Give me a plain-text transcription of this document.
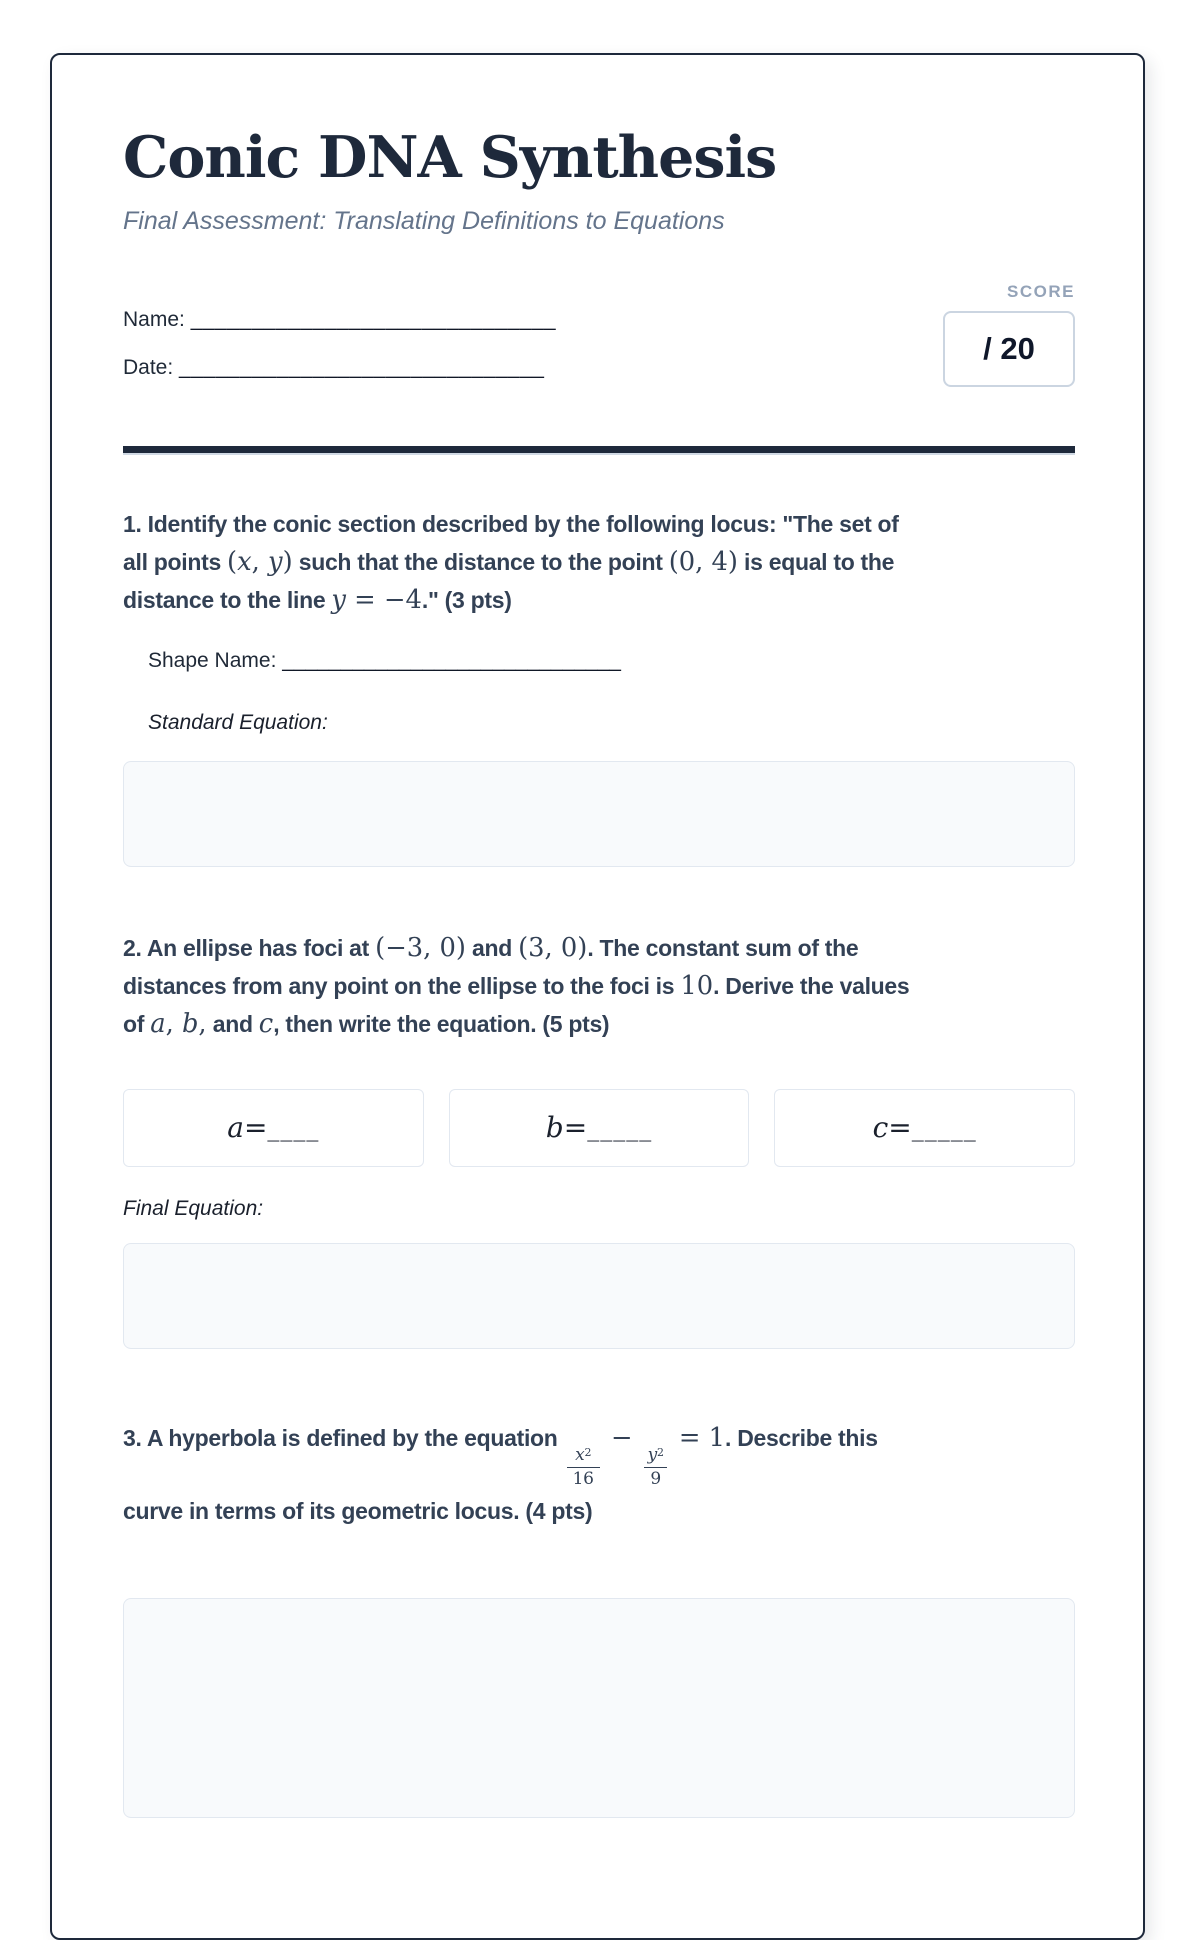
Conic DNA Synthesis
Final Assessment: Translating Definitions to Equations
Name: ______________________________
Date: ______________________________
SCORE
/ 20

1. Identify the conic section described by the following locus: "The set of
all points (x, y) such that the distance to the point (0, 4) is equal to the
distance to the line y = −4." (3 pts)

Shape Name: _____________________________
Standard Equation:

2. An ellipse has foci at (−3, 0) and (3, 0). The constant sum of the
distances from any point on the ellipse to the foci is 10. Derive the values
of a, b, and c, then write the equation. (5 pts)

a = ____	b = _____	c = _____
Final Equation:

3. A hyperbola is defined by the equation
$\frac{x^2}{16}$
−
$\frac{y^2}{9}$
= 1. Describe this
curve in terms of its geometric locus. (4 pts)
